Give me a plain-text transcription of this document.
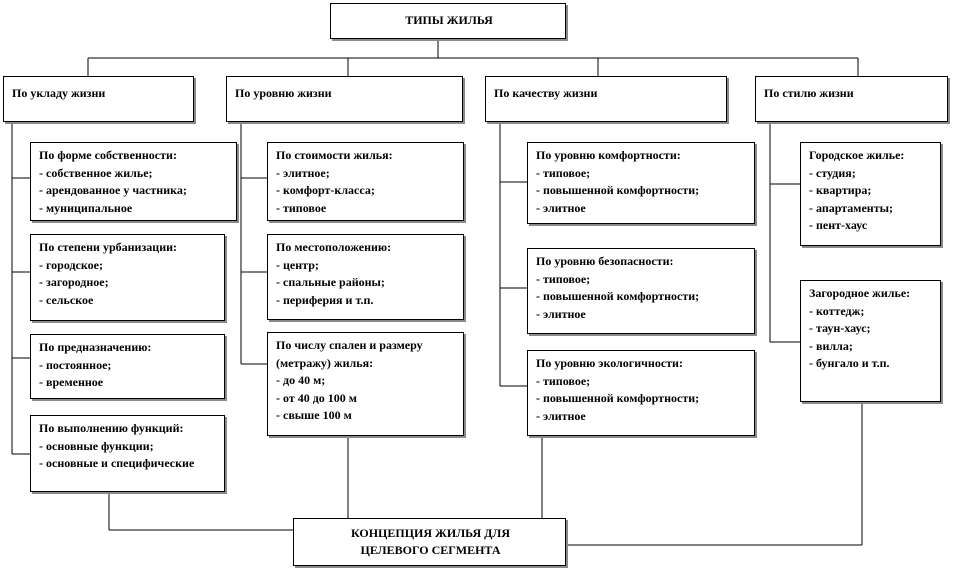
ТИПЫ ЖИЛЬЯ
По укладу жизни	По уровню жизни	По качеству жизни	По стилю жизни
По форме собственности:
- собственное жилье;
- арендованное у частника;
- муниципальное
По степени урбанизации:
- городское;
- загородное;
- сельское
По предназначению:
- постоянное;
- временное
По выполнению функций:
- основные функции;
- основные и специфические
По стоимости жилья:
- элитное;
- комфорт-класса;
- типовое
По местоположению:
- центр;
- спальные районы;
- периферия и т.п.
По числу спален и размеру (метражу) жилья:
- до 40 м;
- от 40 до 100 м
- свыше 100 м
По уровню комфортности:
- типовое;
- повышенной комфортности;
- элитное
По уровню безопасности:
- типовое;
- повышенной комфортности;
- элитное
По уровню экологичности:
- типовое;
- повышенной комфортности;
- элитное
Городское жилье:
- студия;
- квартира;
- апартаменты;
- пент-хаус
Загородное жилье:
- коттедж;
- таун-хаус;
- вилла;
- бунгало и т.п.
КОНЦЕПЦИЯ ЖИЛЬЯ ДЛЯ
ЦЕЛЕВОГО СЕГМЕНТА
